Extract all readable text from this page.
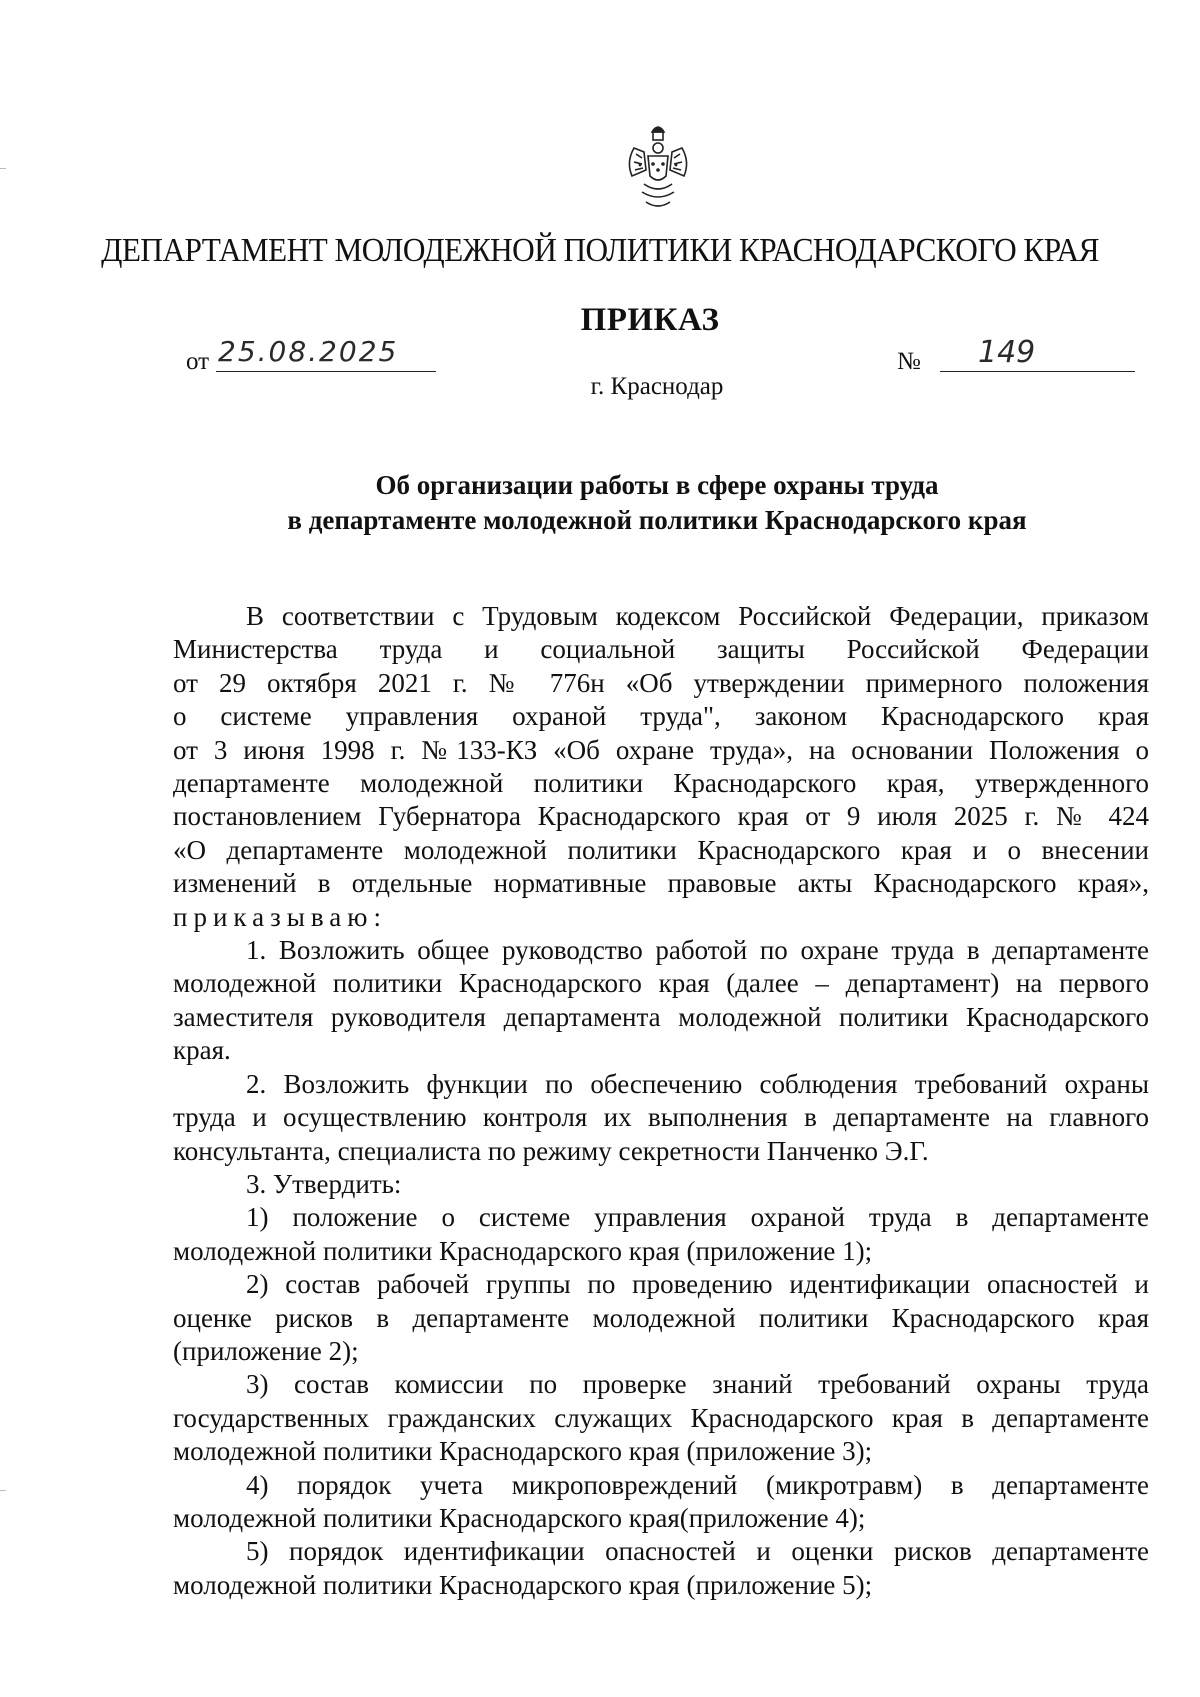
ДЕПАРТАМЕНТ МОЛОДЕЖНОЙ ПОЛИТИКИ КРАСНОДАРСКОГО КРАЯ
ПРИКАЗ
от 25.08.2025	№ 149
г. Краснодар
Об организации работы в сфере охраны труда
в департаменте молодежной политики Краснодарского края

В соответствии с Трудовым кодексом Российской Федерации, приказом

Министерства труда и социальной защиты Российской Федерации

от 29 октября 2021 г. № 776н «Об утверждении примерного положения

о системе управления охраной труда", законом Краснодарского края

от 3 июня 1998 г. №133-КЗ «Об охране труда», на основании Положения о

департаменте молодежной политики Краснодарского края, утвержденного

постановлением Губернатора Краснодарского края от 9 июля 2025 г. № 424

«О департаменте молодежной политики Краснодарского края и о внесении

изменений в отдельные нормативные правовые акты Краснодарского края»,

приказываю:

1. Возложить общее руководство работой по охране труда в департаменте

молодежной политики Краснодарского края (далее – департамент) на первого

заместителя руководителя департамента молодежной политики Краснодарского

края.

2. Возложить функции по обеспечению соблюдения требований охраны

труда и осуществлению контроля их выполнения в департаменте на главного

консультанта, специалиста по режиму секретности Панченко Э.Г.

3. Утвердить:

1) положение о системе управления охраной труда в департаменте

молодежной политики Краснодарского края (приложение 1);

2) состав рабочей группы по проведению идентификации опасностей и

оценке рисков в департаменте молодежной политики Краснодарского края

(приложение 2);

3) состав комиссии по проверке знаний требований охраны труда

государственных гражданских служащих Краснодарского края в департаменте

молодежной политики Краснодарского края (приложение 3);

4) порядок учета микроповреждений (микротравм) в департаменте

молодежной политики Краснодарского края(приложение 4);

5) порядок идентификации опасностей и оценки рисков департаменте

молодежной политики Краснодарского края (приложение 5);
